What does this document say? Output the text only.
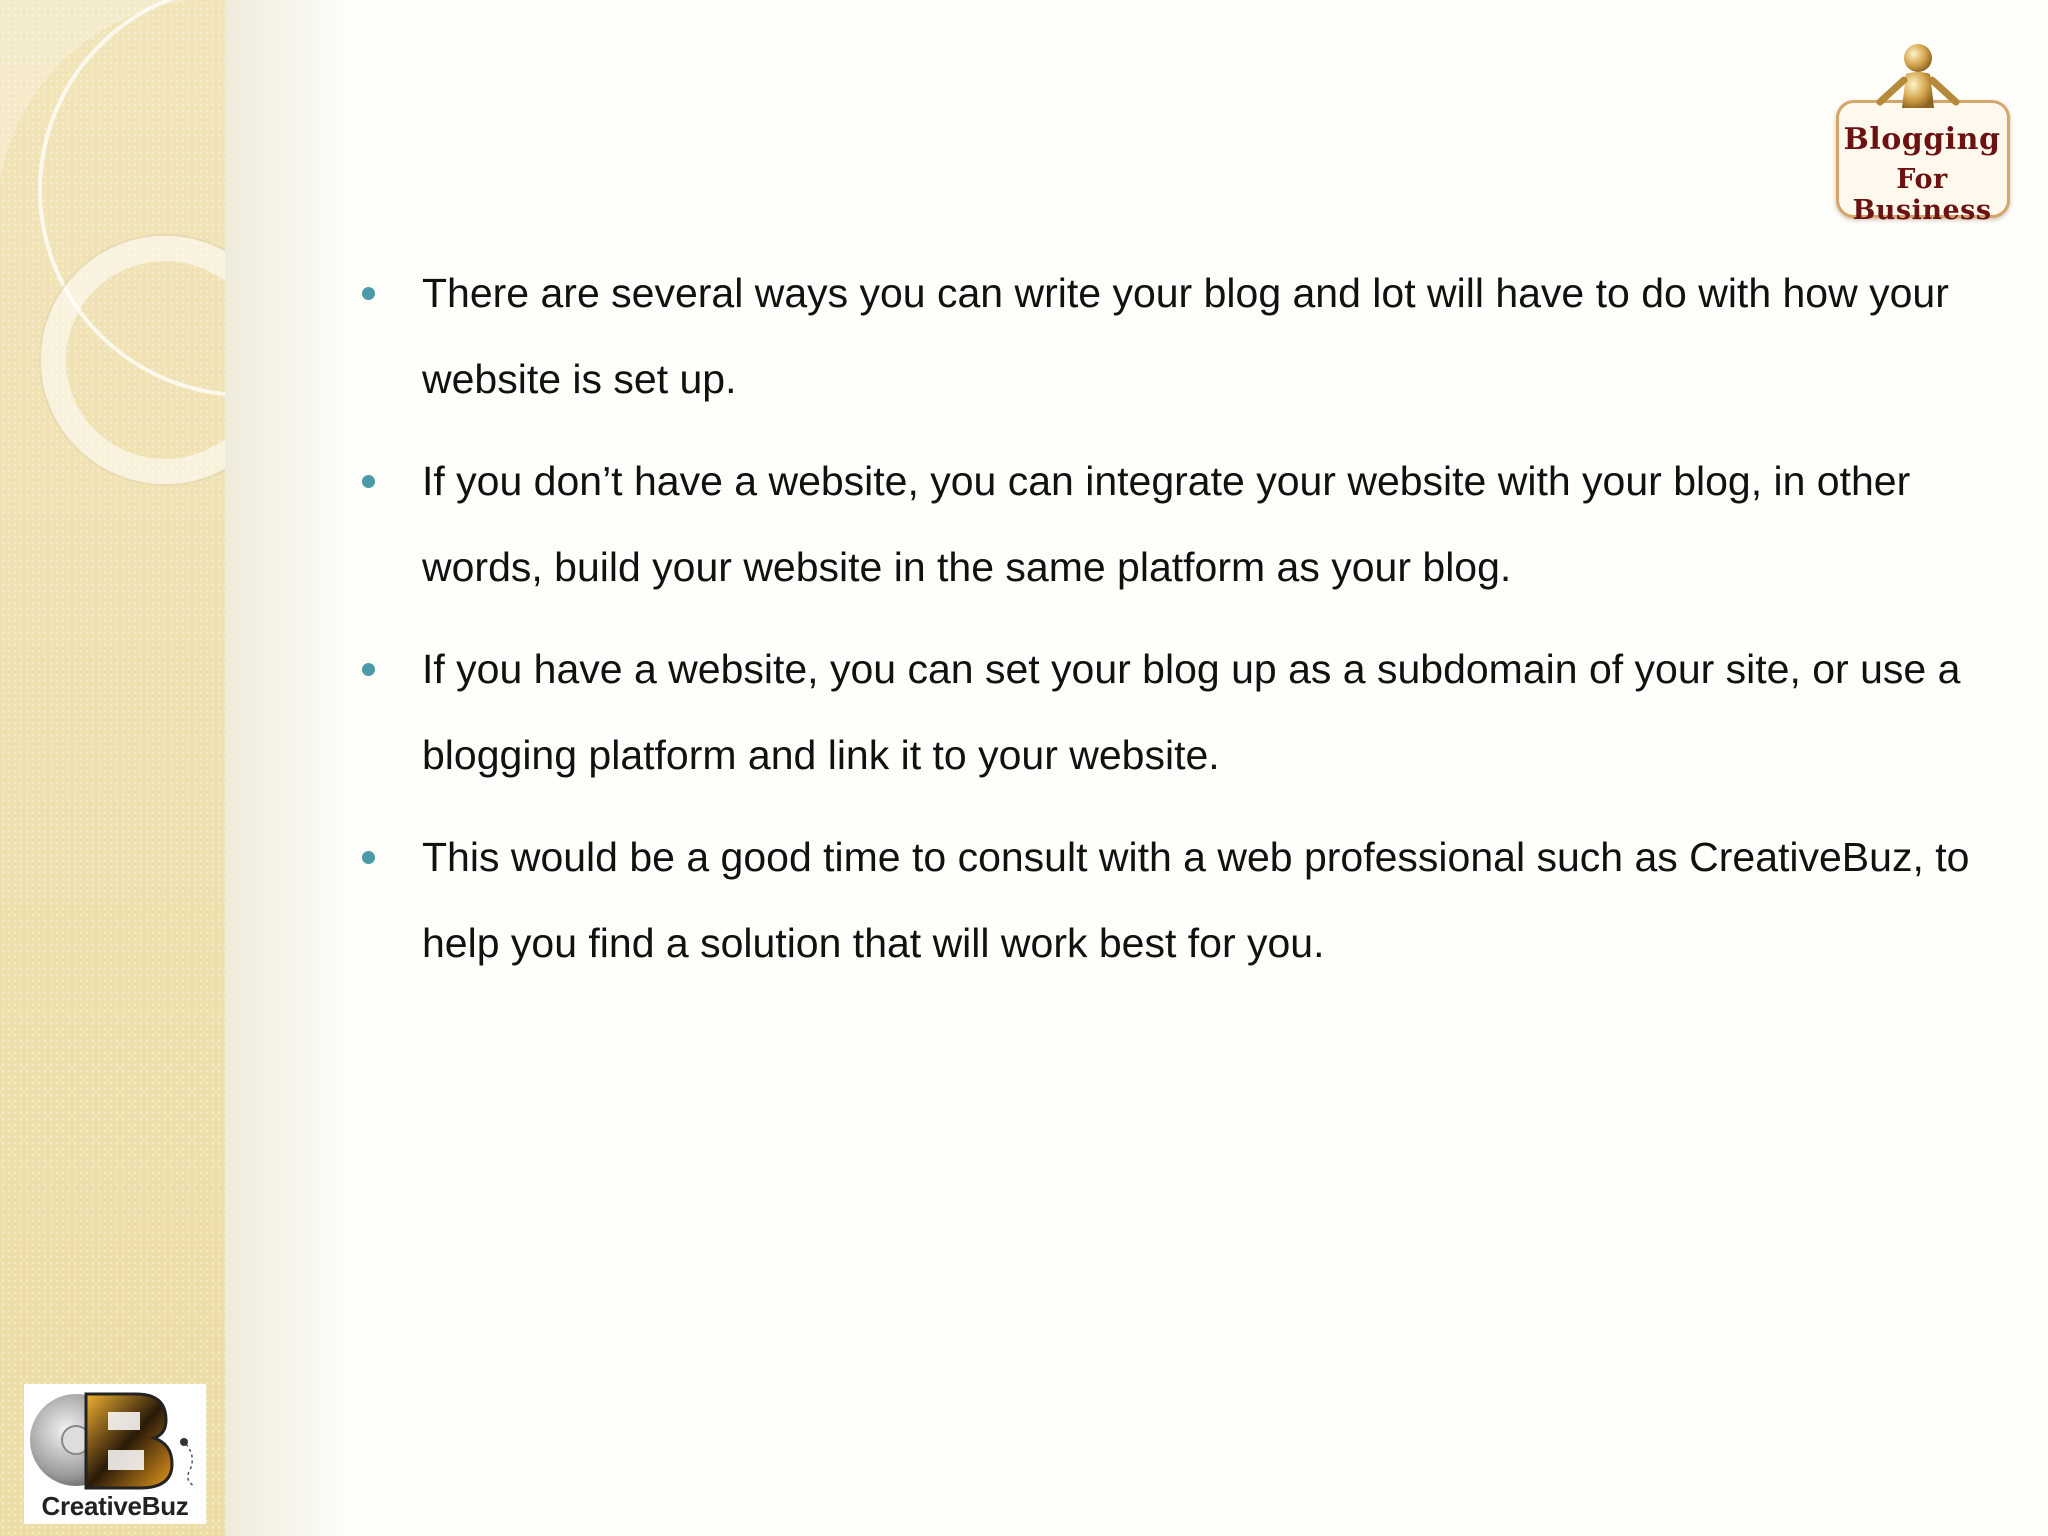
Blogging
For Business
There are several ways you can write your blog and lot will have to do with how your website is set up.
If you don’t have a website, you can integrate your website with your blog, in other words, build your website in the same platform as your blog.
If you have a website, you can set your blog up as a subdomain of your site, or use a blogging platform and link it to your website.
This would be a good time to consult with a web professional such as CreativeBuz, to help you find a solution that will work best for you.
CreativeBuz
